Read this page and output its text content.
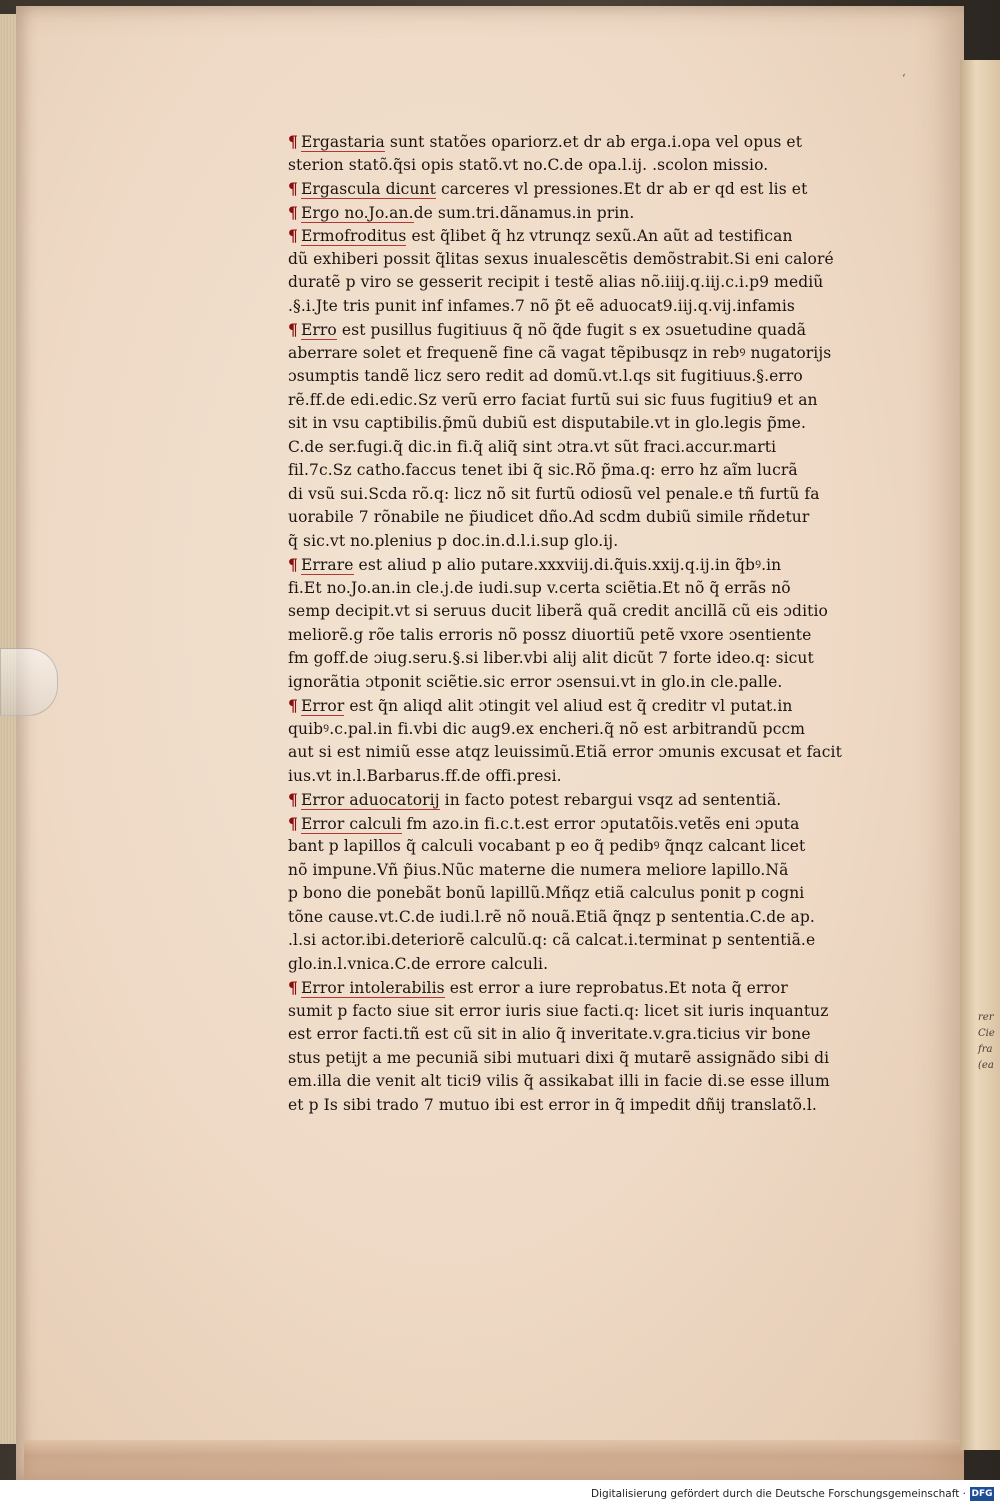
rer Cie fra (ea
ʻ
¶ Ergastaria sunt statões opariorz.et dr ab erga.i.opa vel opus et
sterion statõ.q̃si opis statõ.vt no.C.de opa.l.ij. .scolon missio.
¶ Ergascula dicunt carceres vl pressiones.Et dr ab er qd est lis et
¶ Ergo no.Jo.an.de sum.tri.dãnamus.in prin.
¶ Ermofroditus est q̃libet q̃ hz vtrunqz sexũ.An aũt ad testifican
dũ exhiberi possit q̃litas sexus inualescẽtis demõstrabit.Si eni caloré
duratẽ p viro se gesserit recipit i testẽ alias nõ.iiij.q.iij.c.i.p9 mediũ
.§.i.Jte tris punit inf infames.7 nõ p̃t eẽ aduocat9.iij.q.vij.infamis
¶ Erro est pusillus fugitiuus q̃ nõ q̃de fugit s ex ɔsuetudine quadã
aberrare solet et frequenẽ fine cã vagat tẽpibusqz in rebꝰ nugatorijs
ɔsumptis tandẽ licz sero redit ad domũ.vt.l.qs sit fugitiuus.§.erro
rẽ.ff.de edi.edic.Sz verũ erro faciat furtũ sui sic fuus fugitiu9 et an
sit in vsu captibilis.p̃mũ dubiũ est disputabile.vt in glo.legis p̃me.
C.de ser.fugi.q̃ dic.in fi.q̃ aliq̃ sint ɔtra.vt sũt fraci.accur.marti
fil.7c.Sz catho.faccus tenet ibi q̃ sic.Rõ p̃ma.q: erro hz aĩm lucrã
di vsũ sui.Scda rõ.q: licz nõ sit furtũ odiosũ vel penale.e tñ furtũ fa
uorabile 7 rõnabile ne p̃iudicet dño.Ad scdm dubiũ simile rñdetur
q̃ sic.vt no.plenius p doc.in.d.l.i.sup glo.ij.
¶ Errare est aliud p alio putare.xxxviij.di.q̃uis.xxij.q.ij.in q̃bꝰ.in
fi.Et no.Jo.an.in cle.j.de iudi.sup v.certa sciẽtia.Et nõ q̃ errãs nõ
semp decipit.vt si seruus ducit liberã quã credit ancillã cũ eis ɔditio
meliorẽ.g rõe talis erroris nõ possz diuortiũ petẽ vxore ɔsentiente
fm goff.de ɔiug.seru.§.si liber.vbi alij alit dicũt 7 forte ideo.q: sicut
ignorãtia ɔtponit sciẽtie.sic error ɔsensui.vt in glo.in cle.palle.
¶ Error est q̃n aliqd alit ɔtingit vel aliud est q̃ creditr vl putat.in
quibꝰ.c.pal.in fi.vbi dic aug9.ex encheri.q̃ nõ est arbitrandũ pccm
aut si est nimiũ esse atqz leuissimũ.Etiã error ɔmunis excusat et facit
ius.vt in.l.Barbarus.ff.de offi.presi.
¶ Error aduocatorij in facto potest rebargui vsqz ad sententiã.
¶ Error calculi fm azo.in fi.c.t.est error ɔputatõis.vetẽs eni ɔputa
bant p lapillos q̃ calculi vocabant p eo q̃ pedibꝰ q̃nqz calcant licet
nõ impune.Vñ p̃ius.Nũc materne die numera meliore lapillo.Nã
p bono die ponebãt bonũ lapillũ.Mñqz etiã calculus ponit p cogni
tõne cause.vt.C.de iudi.l.rẽ nõ nouã.Etiã q̃nqz p sententia.C.de ap.
.l.si actor.ibi.deteriorẽ calculũ.q: cã calcat.i.terminat p sententiã.e
glo.in.l.vnica.C.de errore calculi.
¶ Error intolerabilis est error a iure reprobatus.Et nota q̃ error
sumit p facto siue sit error iuris siue facti.q: licet sit iuris inquantuz
est error facti.tñ est cũ sit in alio q̃ inveritate.v.gra.ticius vir bone
stus petijt a me pecuniã sibi mutuari dixi q̃ mutarẽ assignãdo sibi di
em.illa die venit alt tici9 vilis q̃ assikabat illi in facie di.se esse illum
et p Is sibi trado 7 mutuo ibi est error in q̃ impedit dñij translatõ.l.
Digitalisierung gefördert durch die Deutsche Forschungsgemeinschaft · DFG
